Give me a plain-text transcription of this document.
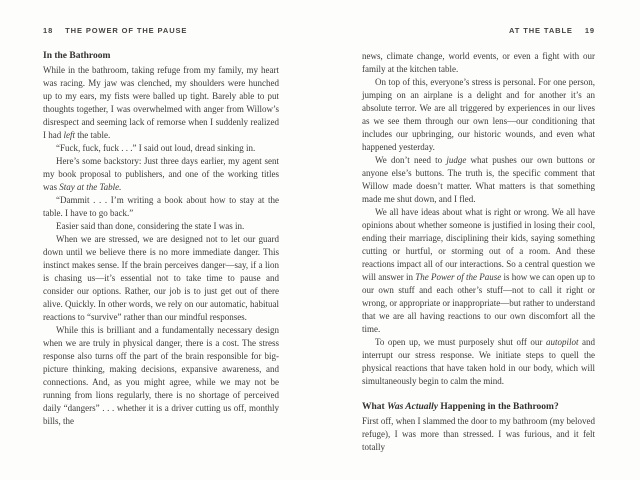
18 THE POWER OF THE PAUSE
In the Bathroom

While in the bathroom, taking refuge from my family, my heart was racing. My jaw was clenched, my shoulders were hunched up to my ears, my fists were balled up tight. Barely able to put thoughts together, I was overwhelmed with anger from Willow’s disrespect and seeming lack of remorse when I suddenly realized I had left the table.

“Fuck, fuck, fuck . . .” I said out loud, dread sinking in.

Here’s some backstory: Just three days earlier, my agent sent my book proposal to publishers, and one of the working titles was Stay at the Table.

“Dammit . . . I’m writing a book about how to stay at the table. I have to go back.”

Easier said than done, considering the state I was in.

When we are stressed, we are designed not to let our guard down until we believe there is no more immediate danger. This instinct makes sense. If the brain perceives danger—say, if a lion is chasing us—it’s essential not to take time to pause and consider our options. Rather, our job is to just get out of there alive. Quickly. In other words, we rely on our automatic, habitual reactions to “survive” rather than our mindful responses.

While this is brilliant and a fundamentally necessary design when we are truly in physical danger, there is a cost. The stress response also turns off the part of the brain responsible for big-picture thinking, making decisions, expansive awareness, and connections. And, as you might agree, while we may not be running from lions regularly, there is no shortage of perceived daily “dangers” . . . whether it is a driver cutting us off, monthly bills, the

AT THE TABLE 19

news, climate change, world events, or even a fight with our family at the kitchen table.

On top of this, everyone’s stress is personal. For one person, jumping on an airplane is a delight and for another it’s an absolute terror. We are all triggered by experiences in our lives as we see them through our own lens—our conditioning that includes our upbringing, our historic wounds, and even what happened yesterday.

We don’t need to judge what pushes our own buttons or anyone else’s buttons. The truth is, the specific comment that Willow made doesn’t matter. What matters is that something made me shut down, and I fled.

We all have ideas about what is right or wrong. We all have opinions about whether someone is justified in losing their cool, ending their marriage, disciplining their kids, saying something cutting or hurtful, or storming out of a room. And these reactions impact all of our interactions. So a central question we will answer in The Power of the Pause is how we can open up to our own stuff and each other’s stuff—not to call it right or wrong, or appropriate or inappropriate—but rather to understand that we are all having reactions to our own discomfort all the time.

To open up, we must purposely shut off our autopilot and interrupt our stress response. We initiate steps to quell the physical reactions that have taken hold in our body, which will simultaneously begin to calm the mind.

What Was Actually Happening in the Bathroom?

First off, when I slammed the door to my bathroom (my beloved refuge), I was more than stressed. I was furious, and it felt totally
